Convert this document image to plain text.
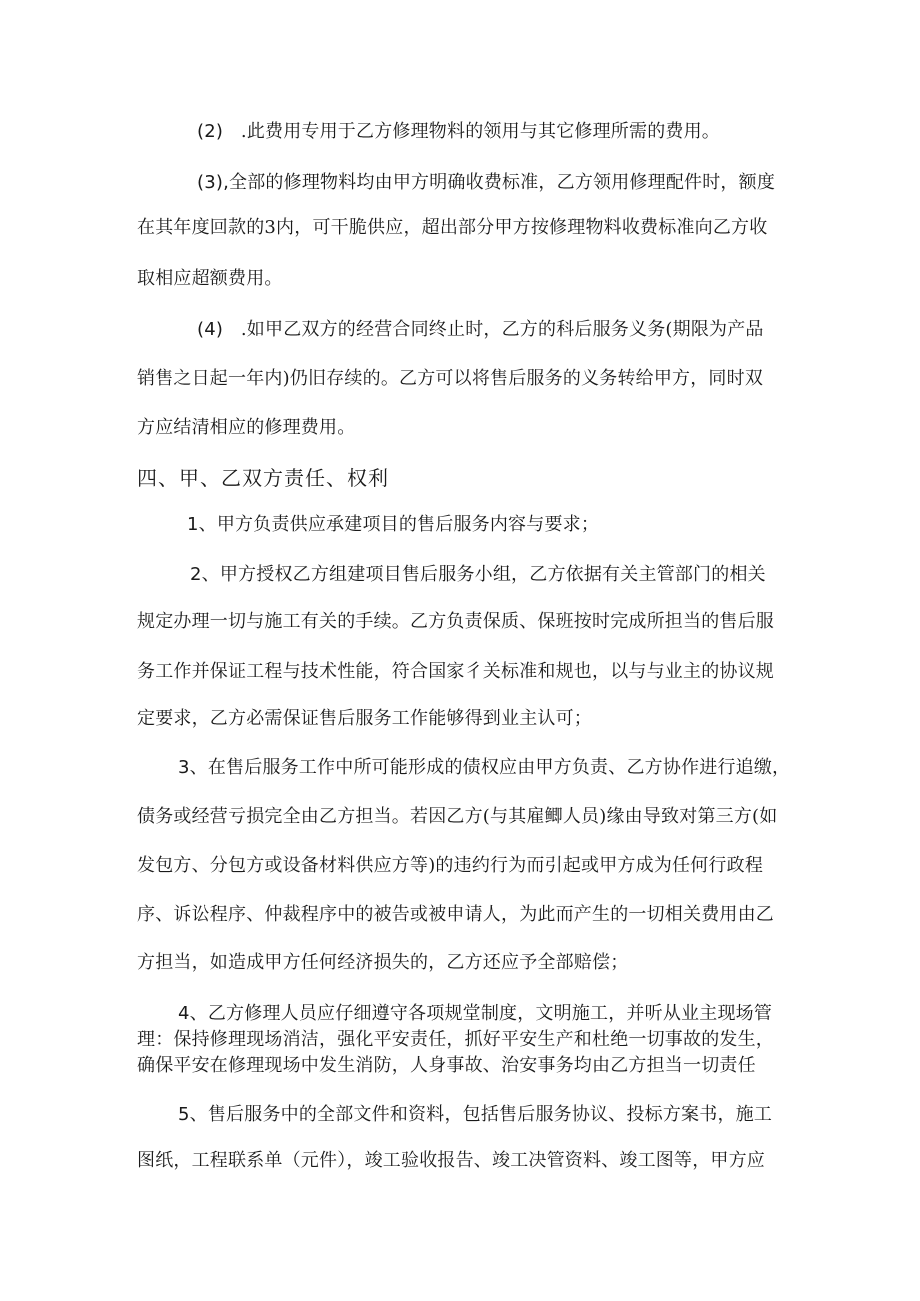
(2) .此费用专用于乙方修理物料的领用与其它修理所需的费用。
(3),全部的修理物料均由甲方明确收费标准，乙方领用修理配件时，额度
在其年度回款的3内，可干脆供应，超出部分甲方按修理物料收费标准向乙方收
取相应超额费用。
(4) .如甲乙双方的经营合同终止时，乙方的科后服务义务(期限为产品
销售之日起一年内)仍旧存续的。乙方可以将售后服务的义务转给甲方，同时双
方应结清相应的修理费用。
四、甲、乙双方责任、权利
1、甲方负责供应承建项目的售后服务内容与要求；
2、甲方授权乙方组建项目售后服务小组，乙方依据有关主管部门的相关
规定办理一切与施工有关的手续。乙方负责保质、保班按时完成所担当的售后服
务工作并保证工程与技术性能，符合国家彳关标准和规也，以与与业主的协议规
定要求，乙方必需保证售后服务工作能够得到业主认可；
3、在售后服务工作中所可能形成的债权应由甲方负责、乙方协作进行追缴，
债务或经营亏损完全由乙方担当。若因乙方(与其雇鲫人员)缘由导致对第三方(如
发包方、分包方或设备材料供应方等)的违约行为而引起或甲方成为任何行政程
序、诉讼程序、仲裁程序中的被告或被申请人，为此而产生的一切相关费用由乙
方担当，如造成甲方任何经济损失的，乙方还应予全部赔偿；
4、乙方修理人员应仔细遵守各项规堂制度，文明施工，并听从业主现场管
理：保持修理现场消洁，强化平安责任，抓好平安生产和杜绝一切事故的发生，
确保平安在修理现场中发生消防，人身事故、治安事务均由乙方担当一切责任
5、售后服务中的全部文件和资料，包括售后服务协议、投标方案书，施工
图纸，工程联系单（元件），竣工验收报告、竣工决管资料、竣工图等，甲方应
